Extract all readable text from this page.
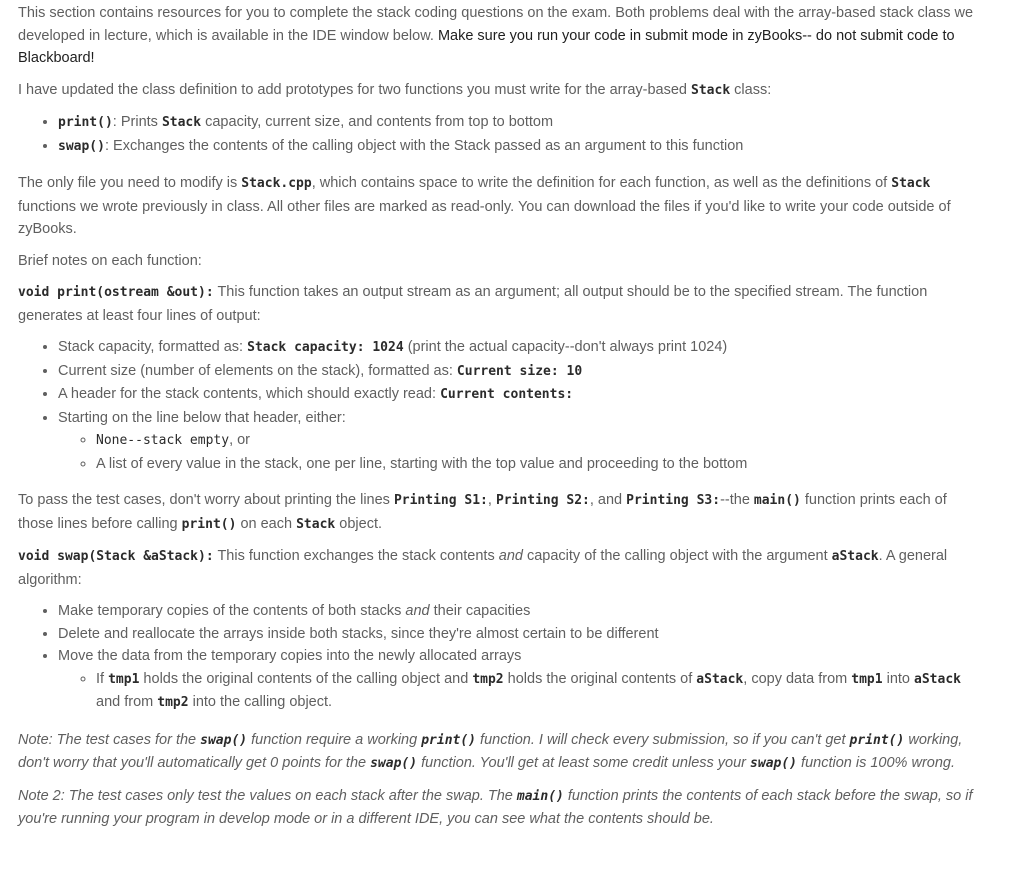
This section contains resources for you to complete the stack coding questions on the exam. Both problems deal with the array-based stack class we developed in lecture, which is available in the IDE window below. Make sure you run your code in submit mode in zyBooks-- do not submit code to Blackboard!

I have updated the class definition to add prototypes for two functions you must write for the array-based Stack class:

• print(): Prints Stack capacity, current size, and contents from top to bottom
• swap(): Exchanges the contents of the calling object with the Stack passed as an argument to this function

The only file you need to modify is Stack.cpp, which contains space to write the definition for each function, as well as the definitions of Stack functions we wrote previously in class. All other files are marked as read-only. You can download the files if you'd like to write your code outside of zyBooks.

Brief notes on each function:

void print(ostream &out): This function takes an output stream as an argument; all output should be to the specified stream. The function generates at least four lines of output:

• Stack capacity, formatted as: Stack capacity: 1024 (print the actual capacity--don't always print 1024)
• Current size (number of elements on the stack), formatted as: Current size: 10
• A header for the stack contents, which should exactly read: Current contents:
• Starting on the line below that header, either:
◦ None--stack empty, or
◦ A list of every value in the stack, one per line, starting with the top value and proceeding to the bottom

To pass the test cases, don't worry about printing the lines Printing S1:, Printing S2:, and Printing S3:--the main() function prints each of those lines before calling print() on each Stack object.

void swap(Stack &aStack): This function exchanges the stack contents and capacity of the calling object with the argument aStack. A general algorithm:

• Make temporary copies of the contents of both stacks and their capacities
• Delete and reallocate the arrays inside both stacks, since they're almost certain to be different
• Move the data from the temporary copies into the newly allocated arrays
◦ If tmp1 holds the original contents of the calling object and tmp2 holds the original contents of aStack, copy data from tmp1 into aStack and from tmp2 into the calling object.

Note: The test cases for the swap() function require a working print() function. I will check every submission, so if you can't get print() working, don't worry that you'll automatically get 0 points for the swap() function. You'll get at least some credit unless your swap() function is 100% wrong.

Note 2: The test cases only test the values on each stack after the swap. The main() function prints the contents of each stack before the swap, so if you're running your program in develop mode or in a different IDE, you can see what the contents should be.
